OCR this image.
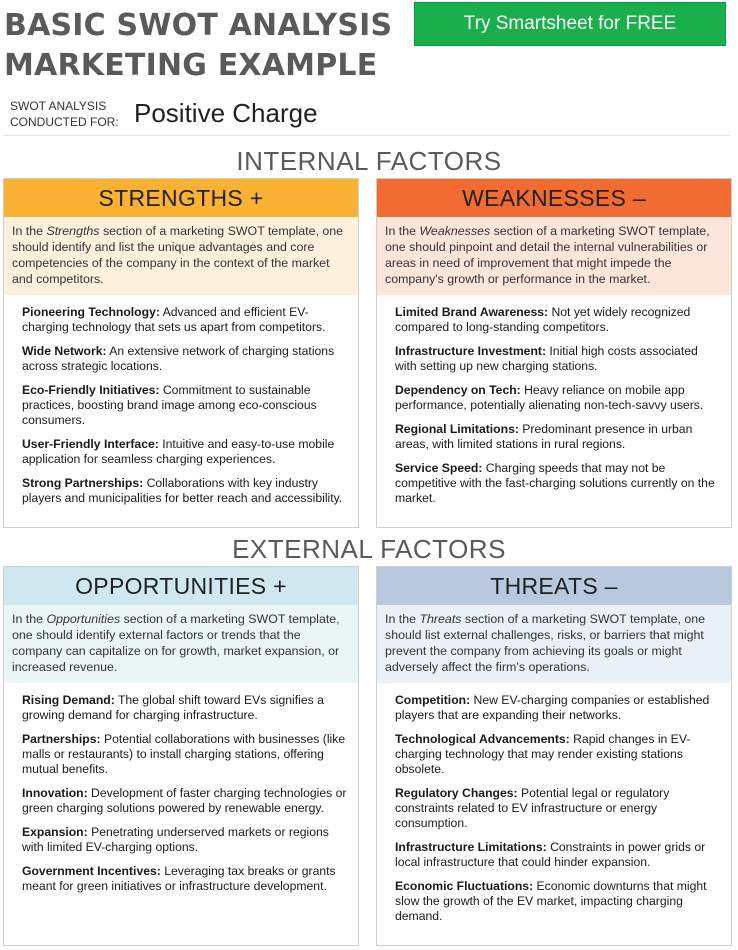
BASIC SWOT ANALYSIS
MARKETING EXAMPLE
Try Smartsheet for FREE
SWOT ANALYSIS
CONDUCTED FOR: Positive Charge
INTERNAL FACTORS
STRENGTHS +
In the Strengths section of a marketing SWOT template, one should identify and list the unique advantages and core competencies of the company in the context of the market and competitors.
Pioneering Technology: Advanced and efficient EV-charging technology that sets us apart from competitors.
Wide Network: An extensive network of charging stations across strategic locations.
Eco-Friendly Initiatives: Commitment to sustainable practices, boosting brand image among eco-conscious consumers.
User-Friendly Interface: Intuitive and easy-to-use mobile application for seamless charging experiences.
Strong Partnerships: Collaborations with key industry players and municipalities for better reach and accessibility.
WEAKNESSES –
In the Weaknesses section of a marketing SWOT template, one should pinpoint and detail the internal vulnerabilities or areas in need of improvement that might impede the company's growth or performance in the market.
Limited Brand Awareness: Not yet widely recognized compared to long-standing competitors.
Infrastructure Investment: Initial high costs associated with setting up new charging stations.
Dependency on Tech: Heavy reliance on mobile app performance, potentially alienating non-tech-savvy users.
Regional Limitations: Predominant presence in urban areas, with limited stations in rural regions.
Service Speed: Charging speeds that may not be competitive with the fast-charging solutions currently on the market.
EXTERNAL FACTORS
OPPORTUNITIES +
In the Opportunities section of a marketing SWOT template, one should identify external factors or trends that the company can capitalize on for growth, market expansion, or increased revenue.
Rising Demand: The global shift toward EVs signifies a growing demand for charging infrastructure.
Partnerships: Potential collaborations with businesses (like malls or restaurants) to install charging stations, offering mutual benefits.
Innovation: Development of faster charging technologies or green charging solutions powered by renewable energy.
Expansion: Penetrating underserved markets or regions with limited EV-charging options.
Government Incentives: Leveraging tax breaks or grants meant for green initiatives or infrastructure development.
THREATS –
In the Threats section of a marketing SWOT template, one should list external challenges, risks, or barriers that might prevent the company from achieving its goals or might adversely affect the firm’s operations.
Competition: New EV-charging companies or established players that are expanding their networks.
Technological Advancements: Rapid changes in EV-charging technology that may render existing stations obsolete.
Regulatory Changes: Potential legal or regulatory constraints related to EV infrastructure or energy consumption.
Infrastructure Limitations: Constraints in power grids or local infrastructure that could hinder expansion.
Economic Fluctuations: Economic downturns that might slow the growth of the EV market, impacting charging demand.
